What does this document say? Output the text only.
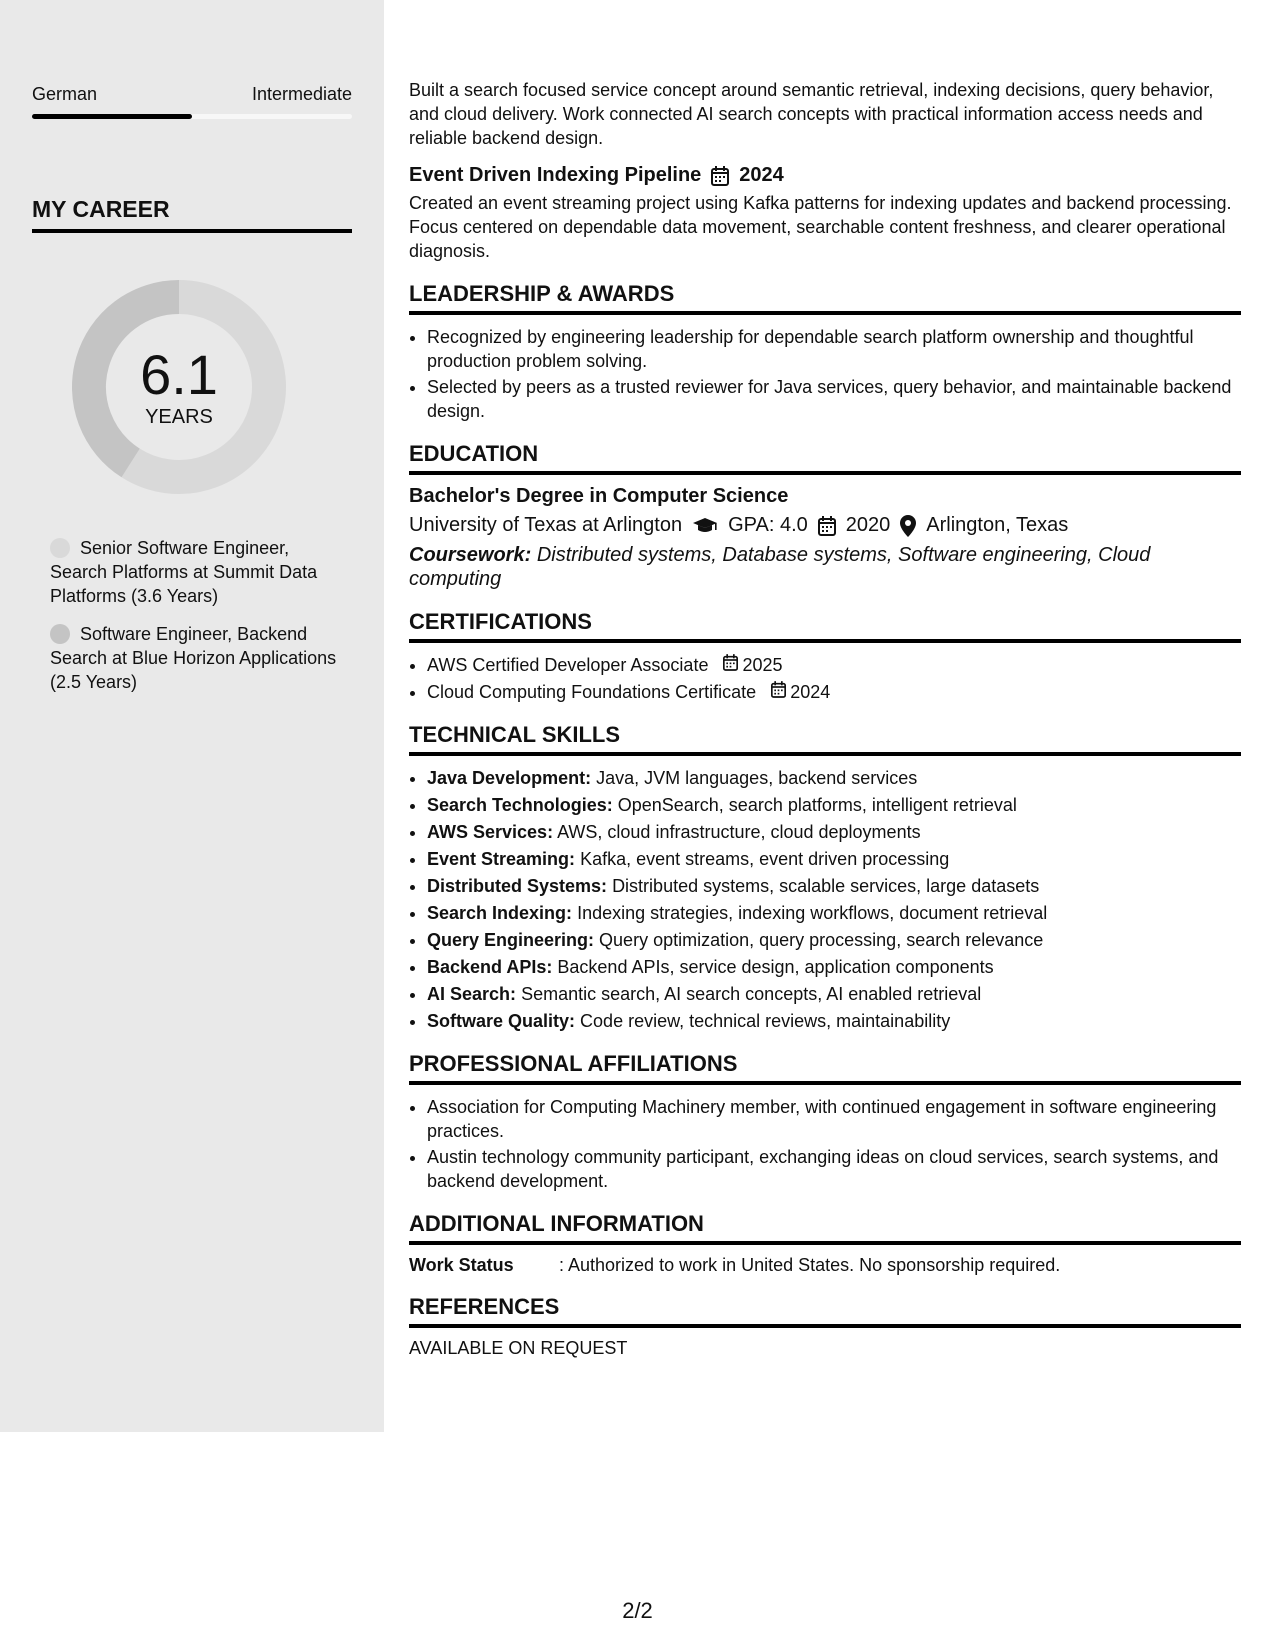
German	Intermediate
MY CAREER
6.1
YEARS
Senior Software Engineer, Search Platforms at Summit Data Platforms (3.6 Years)
Software Engineer, Backend Search at Blue Horizon Applications (2.5 Years)

Built a search focused service concept around semantic retrieval, indexing decisions, query behavior, and cloud delivery. Work connected AI search concepts with practical information access needs and reliable backend design.

Event Driven Indexing Pipeline 2024

Created an event streaming project using Kafka patterns for indexing updates and backend processing. Focus centered on dependable data movement, searchable content freshness, and clearer operational diagnosis.

LEADERSHIP & AWARDS
• Recognized by engineering leadership for dependable search platform ownership and thoughtful production problem solving.
• Selected by peers as a trusted reviewer for Java services, query behavior, and maintainable backend design.
EDUCATION
Bachelor's Degree in Computer Science
University of Texas at Arlington GPA: 4.0 2020 Arlington, Texas
Coursework: Distributed systems, Database systems, Software engineering, Cloud computing
CERTIFICATIONS
• AWS Certified Developer Associate 2025
• Cloud Computing Foundations Certificate 2024
TECHNICAL SKILLS
• Java Development: Java, JVM languages, backend services
• Search Technologies: OpenSearch, search platforms, intelligent retrieval
• AWS Services: AWS, cloud infrastructure, cloud deployments
• Event Streaming: Kafka, event streams, event driven processing
• Distributed Systems: Distributed systems, scalable services, large datasets
• Search Indexing: Indexing strategies, indexing workflows, document retrieval
• Query Engineering: Query optimization, query processing, search relevance
• Backend APIs: Backend APIs, service design, application components
• AI Search: Semantic search, AI search concepts, AI enabled retrieval
• Software Quality: Code review, technical reviews, maintainability
PROFESSIONAL AFFILIATIONS
• Association for Computing Machinery member, with continued engagement in software engineering practices.
• Austin technology community participant, exchanging ideas on cloud services, search systems, and backend development.
ADDITIONAL INFORMATION
Work Status	: Authorized to work in United States. No sponsorship required.
REFERENCES
AVAILABLE ON REQUEST
2/2
